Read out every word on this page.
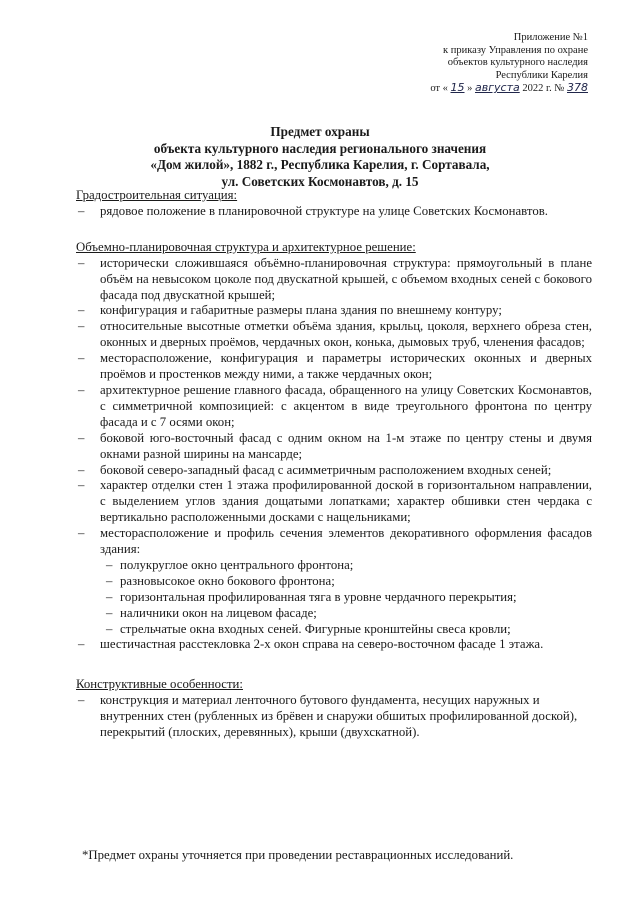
Приложение №1
к приказу Управления по охране
объектов культурного наследия
Республики Карелия
от « 15 » августа 2022 г. № 378
Предмет охраны
объекта культурного наследия регионального значения
«Дом жилой», 1882 г., Республика Карелия, г. Сортавала,
ул. Советских Космонавтов, д. 15

Градостроительная ситуация:

– рядовое положение в планировочной структуре на улице Советских Космонавтов.

Объемно-планировочная структура и архитектурное решение:

– исторически сложившаяся объёмно-планировочная структура: прямоугольный в плане объём на невысоком цоколе под двускатной крышей, с объемом входных сеней с бокового фасада под двускатной крышей;
– конфигурация и габаритные размеры плана здания по внешнему контуру;
– относительные высотные отметки объёма здания, крыльц, цоколя, верхнего обреза стен, оконных и дверных проёмов, чердачных окон, конька, дымовых труб, членения фасадов;
– месторасположение, конфигурация и параметры исторических оконных и дверных проёмов и простенков между ними, а также чердачных окон;
– архитектурное решение главного фасада, обращенного на улицу Советских Космонавтов, с симметричной композицией: с акцентом в виде треугольного фронтона по центру фасада и с 7 осями окон;
– боковой юго-восточный фасад с одним окном на 1-м этаже по центру стены и двумя окнами разной ширины на мансарде;
– боковой северо-западный фасад с асимметричным расположением входных сеней;
– характер отделки стен 1 этажа профилированной доской в горизонтальном направлении, с выделением углов здания дощатыми лопатками; характер обшивки стен чердака с вертикально расположенными досками с нащельниками;
– месторасположение и профиль сечения элементов декоративного оформления фасадов здания:
– полукруглое окно центрального фронтона;
– разновысокое окно бокового фронтона;
– горизонтальная профилированная тяга в уровне чердачного перекрытия;
– наличники окон на лицевом фасаде;
– стрельчатые окна входных сеней. Фигурные кронштейны свеса кровли;
– шестичастная расстекловка 2-х окон справа на северо-восточном фасаде 1 этажа.

Конструктивные особенности:

– конструкция и материал ленточного бутового фундамента, несущих наружных и внутренних стен (рубленных из брёвен и снаружи обшитых профилированной доской), перекрытий (плоских, деревянных), крыши (двухскатной).
*Предмет охраны уточняется при проведении реставрационных исследований.
